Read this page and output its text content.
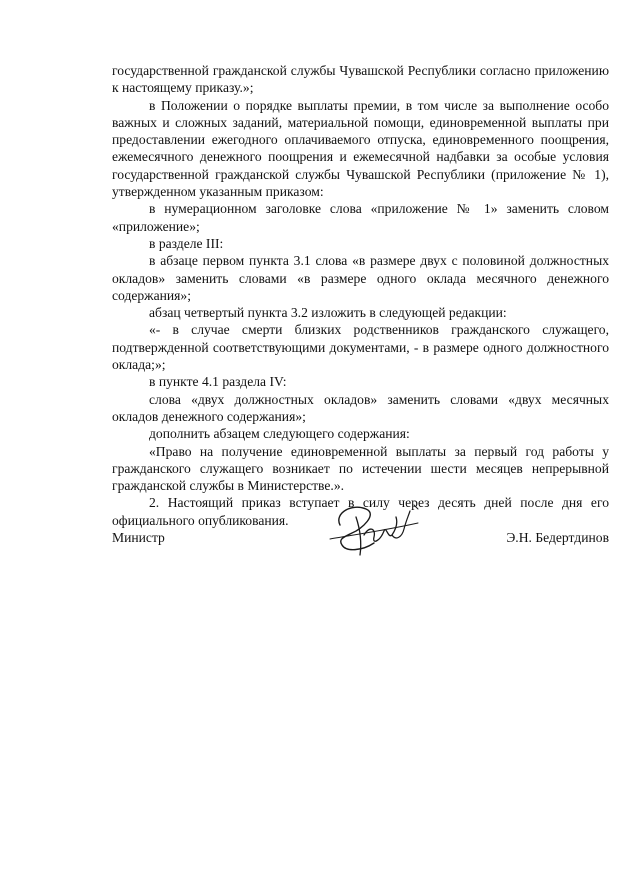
государственной гражданской службы Чувашской Республики согласно приложению к настоящему приказу.»;

в Положении о порядке выплаты премии, в том числе за выполнение особо важных и сложных заданий, материальной помощи, единовременной выплаты при предоставлении ежегодного оплачиваемого отпуска, единовременного поощрения, ежемесячного денежного поощрения и ежемесячной надбавки за особые условия государственной гражданской службы Чувашской Республики (приложение № 1), утвержденном указанным приказом:

в нумерационном заголовке слова «приложение № 1» заменить словом «приложение»;

в разделе III:

в абзаце первом пункта 3.1 слова «в размере двух с половиной должностных окладов» заменить словами «в размере одного оклада месячного денежного содержания»;

абзац четвертый пункта 3.2 изложить в следующей редакции:

«- в случае смерти близких родственников гражданского служащего, подтвержденной соответствующими документами, - в размере одного должностного оклада;»;

в пункте 4.1 раздела IV:

слова «двух должностных окладов» заменить словами «двух месячных окладов денежного содержания»;

дополнить абзацем следующего содержания:

«Право на получение единовременной выплаты за первый год работы у гражданского служащего возникает по истечении шести месяцев непрерывной гражданской службы в Министерстве.».

2. Настоящий приказ вступает в силу через десять дней после дня его официального опубликования.

Министр	Э.Н. Бедертдинов
